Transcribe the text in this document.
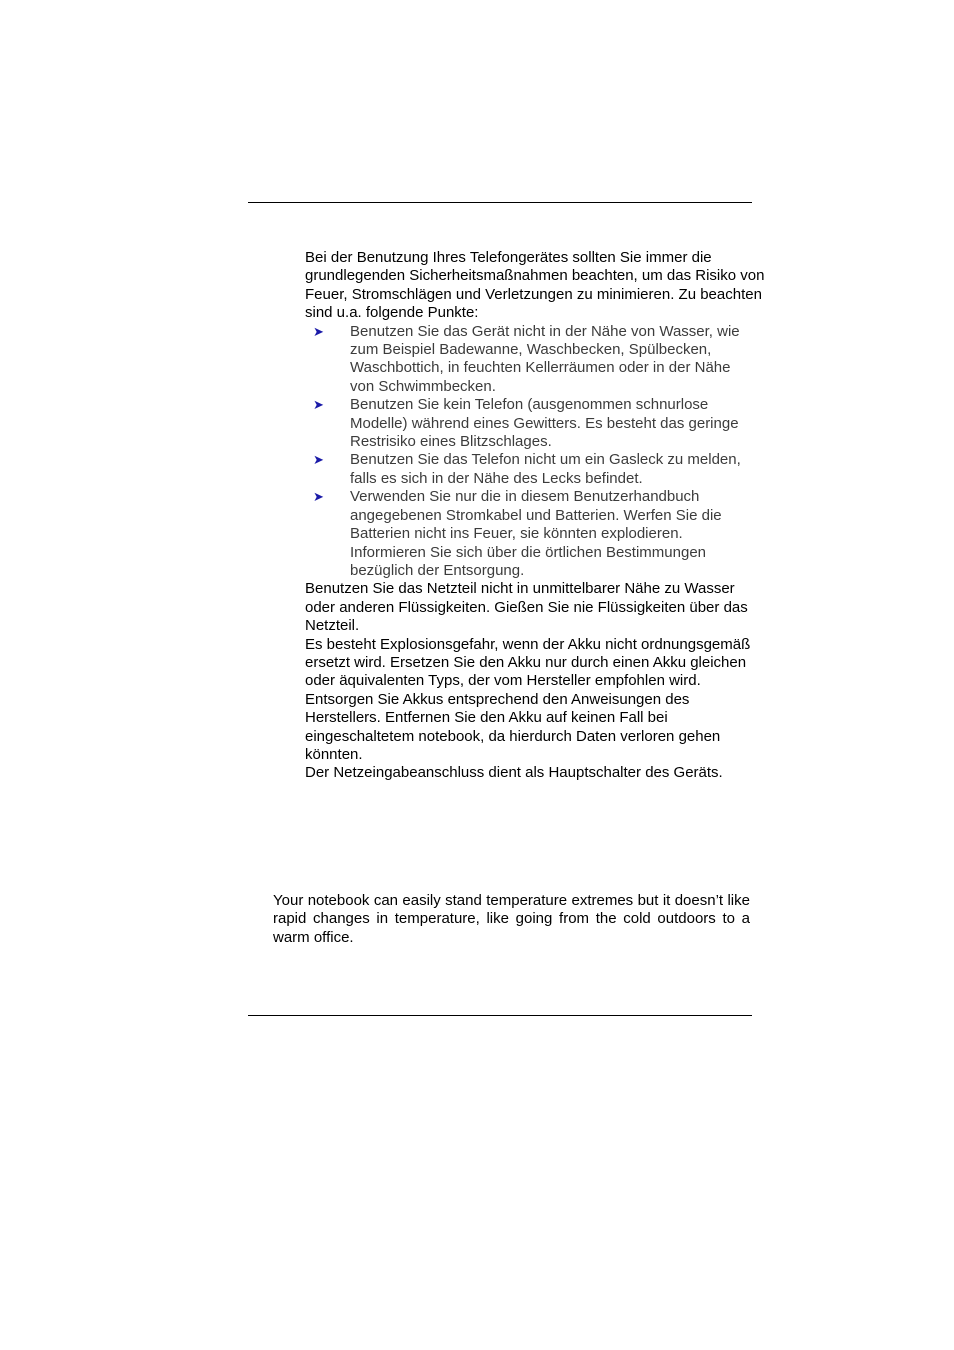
Bei der Benutzung Ihres Telefongerätes sollten Sie immer die grundlegenden Sicherheitsmaßnahmen beachten, um das Risiko von Feuer, Stromschlägen und Verletzungen zu minimieren. Zu beachten sind u.a. folgende Punkte:

➤ Benutzen Sie das Gerät nicht in der Nähe von Wasser, wie zum Beispiel Badewanne, Waschbecken, Spülbecken, Waschbottich, in feuchten Kellerräumen oder in der Nähe von Schwimmbecken.
➤ Benutzen Sie kein Telefon (ausgenommen schnurlose Modelle) während eines Gewitters. Es besteht das geringe Restrisiko eines Blitzschlages.
➤ Benutzen Sie das Telefon nicht um ein Gasleck zu melden, falls es sich in der Nähe des Lecks befindet.
➤ Verwenden Sie nur die in diesem Benutzerhandbuch angegebenen Stromkabel und Batterien. Werfen Sie die Batterien nicht ins Feuer, sie könnten explodieren. Informieren Sie sich über die örtlichen Bestimmungen bezüglich der Entsorgung.

Benutzen Sie das Netzteil nicht in unmittelbarer Nähe zu Wasser oder anderen Flüssigkeiten. Gießen Sie nie Flüssigkeiten über das Netzteil.

Es besteht Explosionsgefahr, wenn der Akku nicht ordnungsgemäß ersetzt wird. Ersetzen Sie den Akku nur durch einen Akku gleichen oder äquivalenten Typs, der vom Hersteller empfohlen wird. Entsorgen Sie Akkus entsprechend den Anweisungen des Herstellers. Entfernen Sie den Akku auf keinen Fall bei eingeschaltetem notebook, da hierdurch Daten verloren gehen könnten.

Der Netzeingabeanschluss dient als Hauptschalter des Geräts.

Your notebook can easily stand temperature extremes but it doesn’t like rapid changes in temperature, like going from the cold outdoors to a warm office.
